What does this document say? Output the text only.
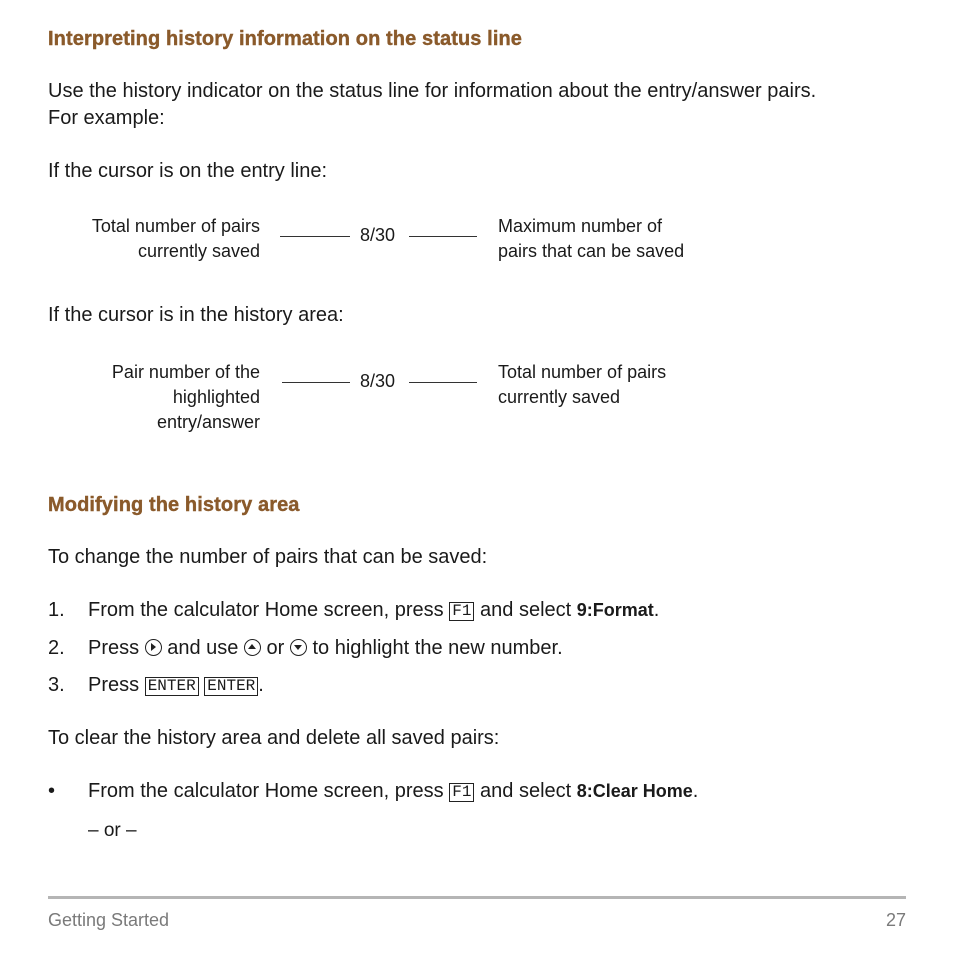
Interpreting history information on the status line
Use the history indicator on the status line for information about the entry/answer pairs.
For example:
If the cursor is on the entry line:
Total number of pairs
currently saved
8/30	Maximum number of
pairs that can be saved
If the cursor is in the history area:
Pair number of the
highlighted
entry/answer
8/30	Total number of pairs
currently saved
Modifying the history area
To change the number of pairs that can be saved:
1. From the calculator Home screen, press F1 and select 9:Format.
2. Press and use or to highlight the new number.
3. Press ENTER ENTER .
To clear the history area and delete all saved pairs:
• From the calculator Home screen, press F1 and select 8:Clear Home.
– or –
Getting Started	27
